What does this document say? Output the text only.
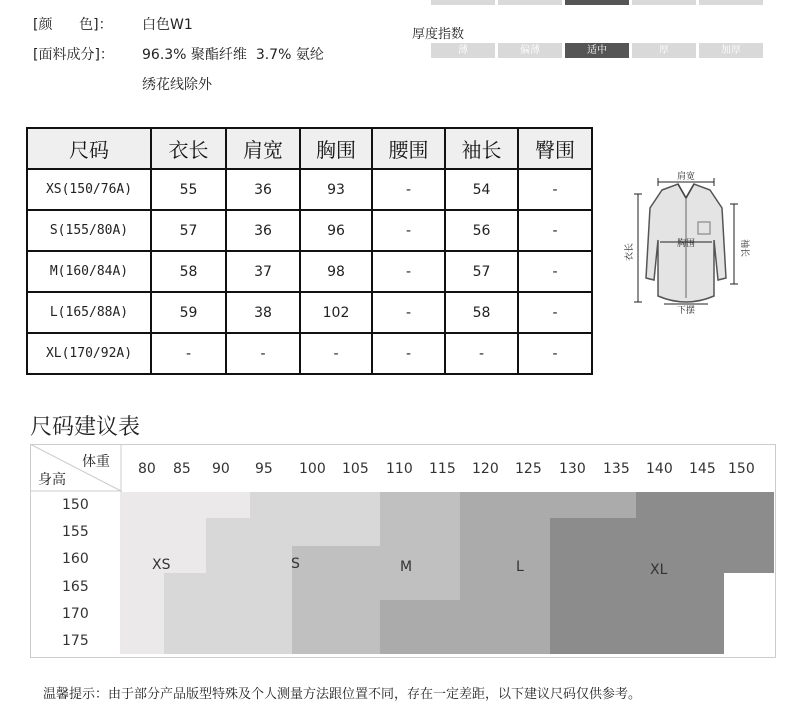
[颜      色]： 白色W1
[面料成分]： 96.3% 聚酯纤维  3.7% 氨纶
绣花线除外
厚度指数
薄	偏薄	适中	厚	加厚
尺码	衣长	肩宽	胸围	腰围	袖长	臀围
XS(150/76A)	55	36	93	-	54	-
S(155/80A)	57	36	96	-	56	-
M(160/84A)	58	37	98	-	57	-
L(165/88A)	59	38	102	-	58	-
XL(170/92A)	-	-	-	-	-	-
肩宽
胸围
衣长	袖长
下摆
尺码建议表
体重
身高
80 85 90 95 100 105 110 115 120 125 130 135 140 145 150
150
155
160
165
170
175
XS	S	M	L	XL
温馨提示：由于部分产品版型特殊及个人测量方法跟位置不同，存在一定差距，以下建议尺码仅供参考。
